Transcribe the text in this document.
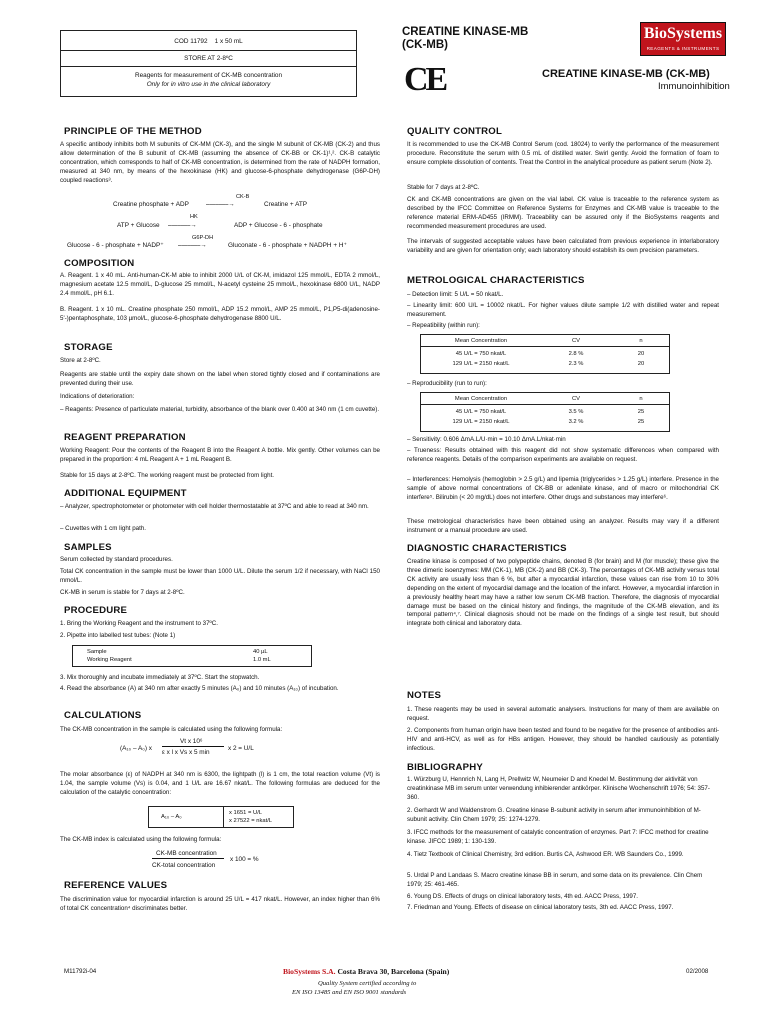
COD 11792 1 x 50 mL
STORE AT 2-8ºC
Reagents for measurement of CK-MB concentration
Only for in vitro use in the clinical laboratory
CREATINE KINASE-MB
(CK-MB)
BioSystems
REAGENTS & INSTRUMENTS
CE	CREATINE KINASE-MB (CK-MB)
Immunoinhibition
PRINCIPLE OF THE METHOD
A specific antibody inhibits both M subunits of CK-MM (CK-3), and the single M subunit of CK-MB (CK-2) and thus allow determination of the B subunit of CK-MB (assuming the absence of CK-BB or CK-1)¹,². CK-B catalytic concentration, which corresponds to half of CK-MB concentration, is determined from the rate of NADPH formation, measured at 340 nm, by means of the hexokinase (HK) and glucose-6-phosphate dehydrogenase (G6P-DH) coupled reactions³.
Creatine phosphate + ADP
CK-B
⎯⎯⎯⎯⎯⎯⎯→	Creatine + ATP
ATP + Glucose
HK
⎯⎯⎯⎯⎯⎯⎯→	ADP + Glucose - 6 - phosphate
Glucose - 6 - phosphate + NADP⁺
G6P-DH
⎯⎯⎯⎯⎯⎯⎯→	Gluconate - 6 - phosphate + NADPH + H⁺
COMPOSITION
A. Reagent. 1 x 40 mL. Anti-human-CK-M able to inhibit 2000 U/L of CK-M, imidazol 125 mmol/L, EDTA 2 mmol/L, magnesium acetate 12.5 mmol/L, D-glucose 25 mmol/L, N-acetyl cysteine 25 mmol/L, hexokinase 6800 U/L, NADP 2.4 mmol/L, pH 6.1.
B. Reagent. 1 x 10 mL. Creatine phosphate 250 mmol/L, ADP 15.2 mmol/L, AMP 25 mmol/L, P1,P5-di(adenosine-5'-)pentaphosphate, 103 µmol/L, glucose-6-phosphate dehydrogenase 8800 U/L.
STORAGE
Store at 2-8ºC.
Reagents are stable until the expiry date shown on the label when stored tightly closed and if contaminations are prevented during their use.
Indications of deterioration:
– Reagents: Presence of particulate material, turbidity, absorbance of the blank over 0.400 at 340 nm (1 cm cuvette).
REAGENT PREPARATION
Working Reagent: Pour the contents of the Reagent B into the Reagent A bottle. Mix gently. Other volumes can be prepared in the proportion: 4 mL Reagent A + 1 mL Reagent B.
Stable for 15 days at 2-8ºC. The working reagent must be protected from light.
ADDITIONAL EQUIPMENT
– Analyzer, spectrophotometer or photometer with cell holder thermostatable at 37ºC and able to read at 340 nm.
– Cuvettes with 1 cm light path.
SAMPLES
Serum collected by standard procedures.
Total CK concentration in the sample must be lower than 1000 U/L. Dilute the serum 1/2 if necessary, with NaCl 150 mmol/L.
CK-MB in serum is stable for 7 days at 2-8ºC.
PROCEDURE
1. Bring the Working Reagent and the instrument to 37ºC.
2. Pipette into labelled test tubes: (Note 1)
Sample	40 µL
Working Reagent	1.0 mL
3. Mix thoroughly and incubate immediately at 37ºC. Start the stopwatch.
4. Read the absorbance (A) at 340 nm after exactly 5 minutes (A₀) and 10 minutes (A₁₀) of incubation.
CALCULATIONS
The CK-MB concentration in the sample is calculated using the following formula:
(A₁₀ – A₀) x
Vt x 10⁶
ε x l x Vs x 5 min
x 2 = U/L
The molar absorbance (ε) of NADPH at 340 nm is 6300, the lightpath (l) is 1 cm, the total reaction volume (Vt) is 1.04, the sample volume (Vs) is 0.04, and 1 U/L are 16.67 nkat/L. The following formulas are deduced for the calculation of the catalytic concentration:
A₁₀ – A₀
x 1651 = U/L
x 27522 = nkat/L
The CK-MB index is calculated using the following formula:
CK-MB concentration
CK-total concentration
x 100 = %
REFERENCE VALUES
The discrimination value for myocardial infarction is around 25 U/L = 417 nkat/L. However, an index higher than 6% of total CK concentration⁴ discriminates better.
QUALITY CONTROL
It is recommended to use the CK-MB Control Serum (cod. 18024) to verify the performance of the measurement procedure. Reconstitute the serum with 0.5 mL of distilled water. Swirl gently. Avoid the formation of foam to ensure complete dissolution of contents. Treat the Control in the analytical procedure as patient serum (Note 2).
Stable for 7 days at 2-8ºC.
CK and CK-MB concentrations are given on the vial label. CK value is traceable to the reference system as described by the IFCC Committee on Reference Systems for Enzymes and CK-MB value is traceable to the reference material ERM-AD455 (IRMM). Traceability can be assured only if the BioSystems reagents and recommended measurement procedures are used.
The intervals of suggested acceptable values have been calculated from previous experience in interlaboratory variability and are given for orientation only; each laboratory should establish its own precision parameters.
METROLOGICAL CHARACTERISTICS
– Detection limit: 5 U/L = 50 nkat/L.
– Linearity limit: 600 U/L = 10002 nkat/L. For higher values dilute sample 1/2 with distilled water and repeat measurement.
– Repeatibility (within run):
Mean Concentration	CV	n
45 U/L = 750 nkat/L	2.8 %	20
129 U/L = 2150 nkat/L	2.3 %	20
– Reproducibility (run to run):
Mean Concentration	CV	n
45 U/L = 750 nkat/L	3.5 %	25
129 U/L = 2150 nkat/L	3.2 %	25
– Sensitivity: 0.606 ΔmA.L/U·min = 10.10 ΔmA.L/nkat·min
– Trueness: Results obtained with this reagent did not show systematic differences when compared with reference reagents. Details of the comparison experiments are available on request.
– Interferences: Hemolysis (hemoglobin > 2.5 g/L) and lipemia (triglycerides > 1.25 g/L) interfere. Presence in the sample of above normal concentrations of CK-BB or adenilate kinase, and of macro or mitochondrial CK interfere⁵. Bilirubin (< 20 mg/dL) does not interfere. Other drugs and substances may interfere⁶.
These metrological characteristics have been obtained using an analyzer. Results may vary if a different instrument or a manual procedure are used.
DIAGNOSTIC CHARACTERISTICS
Creatine kinase is composed of two polypeptide chains, denoted B (for brain) and M (for muscle); these give the three dimeric isoenzymes: MM (CK-1), MB (CK-2) and BB (CK-3). The percentages of CK-MB activity versus total CK activity are usually less than 6 %, but after a myocardial infarction, these values can rise from 10 to 30% depending on the extent of myocardial damage and the location of the infarct. However, a myocardial infarction in a previously healthy heart may have a rather low serum CK-MB fraction. Therefore, the diagnosis of myocardial damage must be based on the clinical history and findings, the magnitude of the CK-MB elevation, and its temporal pattern⁴,⁷. Clinical diagnosis should not be made on the findings of a single test result, but should integrate both clinical and laboratory data.
NOTES
1. These reagents may be used in several automatic analysers. Instructions for many of them are available on request.
2. Components from human origin have been tested and found to be negative for the presence of antibodies anti-HIV and anti-HCV, as well as for HBs antigen. However, they should be handled cautiously as potentially infectious.
BIBLIOGRAPHY
1. Würzburg U, Hennrich N, Lang H, Prellwitz W, Neumeier D and Knedel M. Bestimmung der aktivität von creatinkinase MB im serum unter verwendung inhibierender antikörper. Klinische Wochenschrift 1976; 54: 357-360.
2. Gerhardt W and Waldenstrom G. Creatine kinase B-subunit activity in serum after immunoinhibition of M-subunit activity. Clin Chem 1979; 25: 1274-1279.
3. IFCC methods for the measurement of catalytic concentration of enzymes. Part 7: IFCC method for creatine kinase. JIFCC 1989; 1: 130-139.
4. Tietz Textbook of Clinical Chemistry, 3rd edition. Burtis CA, Ashwood ER. WB Saunders Co., 1999.
5. Urdal P and Landaas S. Macro creatine kinase BB in serum, and some data on its prevalence. Clin Chem 1979; 25: 461-465.
6. Young DS. Effects of drugs on clinical laboratory tests, 4th ed. AACC Press, 1997.
7. Friedman and Young. Effects of disease on clinical laboratory tests, 3th ed. AACC Press, 1997.
M11792i-04	BioSystems S.A. Costa Brava 30, Barcelona (Spain)
Quality System certified according to
EN ISO 13485 and EN ISO 9001 standards
02/2008
